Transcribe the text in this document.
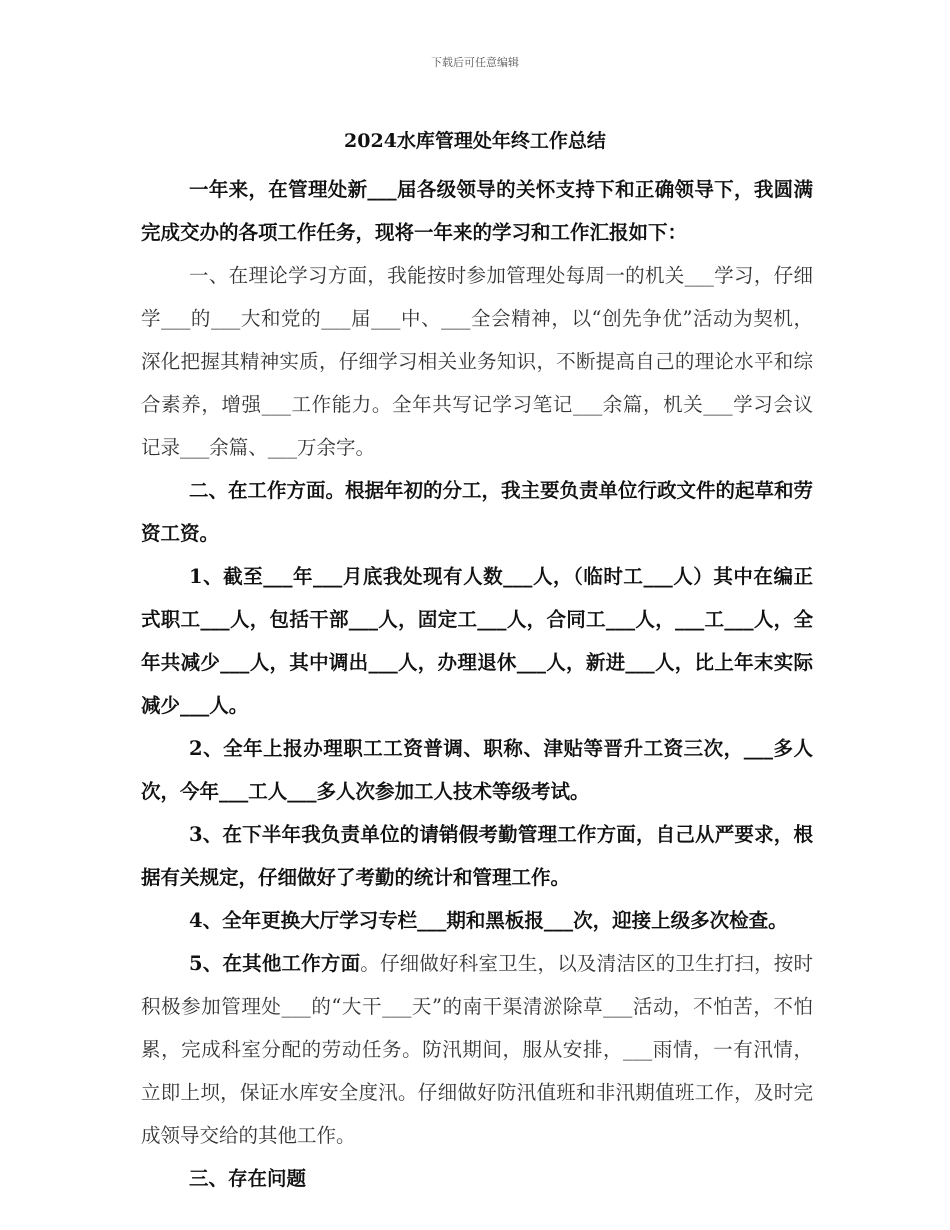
下载后可任意编辑
2024水库管理处年终工作总结

一年来，在管理处新___届各级领导的关怀支持下和正确领导下，我圆满完成交办的各项工作任务，现将一年来的学习和工作汇报如下：

一、在理论学习方面，我能按时参加管理处每周一的机关___学习，仔细学___的___大和党的___届___中、___全会精神，以“创先争优”活动为契机，深化把握其精神实质，仔细学习相关业务知识，不断提高自己的理论水平和综合素养，增强___工作能力。全年共写记学习笔记___余篇，机关___学习会议记录___余篇、___万余字。

二、在工作方面。根据年初的分工，我主要负责单位行政文件的起草和劳资工资。

1、截至___年___月底我处现有人数___人，（临时工___人）其中在编正式职工___人，包括干部___人，固定工___人，合同工___人，___工___人，全年共减少___人，其中调出___人，办理退休___人，新进___人，比上年末实际减少___人。

2、全年上报办理职工工资普调、职称、津贴等晋升工资三次，___多人次，今年___工人___多人次参加工人技术等级考试。

3、在下半年我负责单位的请销假考勤管理工作方面，自己从严要求，根据有关规定，仔细做好了考勤的统计和管理工作。

4、全年更换大厅学习专栏___期和黑板报___次，迎接上级多次检查。

5、在其他工作方面。仔细做好科室卫生，以及清洁区的卫生打扫，按时积极参加管理处___的“大干___天”的南干渠清淤除草___活动，不怕苦，不怕累，完成科室分配的劳动任务。防汛期间，服从安排，___雨情，一有汛情，立即上坝，保证水库安全度汛。仔细做好防汛值班和非汛期值班工作，及时完成领导交给的其他工作。

三、存在问题
